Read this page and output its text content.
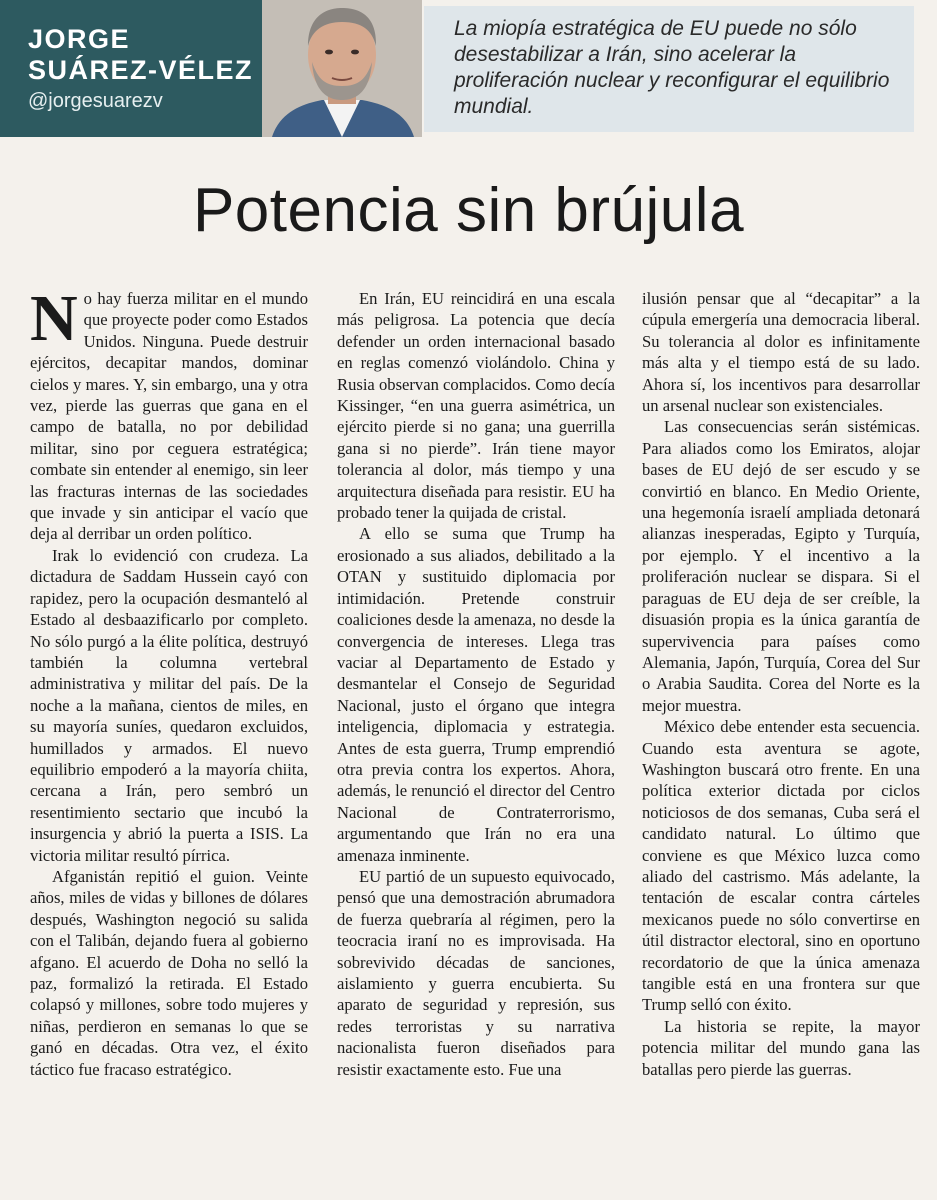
JORGE
SUÁREZ-VÉLEZ
@jorgesuarezv
La miopía estratégica de EU puede no sólo desestabilizar a Irán, sino acelerar la proliferación nuclear y reconfigurar el equilibrio mundial.
Potencia sin brújula

No hay fuerza militar en el mundo que proyecte poder como Estados Unidos. Ninguna. Puede destruir ejércitos, decapitar mandos, dominar cielos y mares. Y, sin embargo, una y otra vez, pierde las guerras que gana en el campo de batalla, no por debilidad militar, sino por ceguera estratégica; combate sin entender al enemigo, sin leer las fracturas internas de las sociedades que invade y sin anticipar el vacío que deja al derribar un orden político.

Irak lo evidenció con crudeza. La dictadura de Saddam Hussein cayó con rapidez, pero la ocupación desmanteló al Estado al desbaazificarlo por completo. No sólo purgó a la élite política, destruyó también la columna vertebral administrativa y militar del país. De la noche a la mañana, cientos de miles, en su mayoría suníes, quedaron excluidos, humillados y armados. El nuevo equilibrio empoderó a la mayoría chiita, cercana a Irán, pero sembró un resentimiento sectario que incubó la insurgencia y abrió la puerta a ISIS. La victoria militar resultó pírrica.

Afganistán repitió el guion. Veinte años, miles de vidas y billones de dólares después, Washington negoció su salida con el Talibán, dejando fuera al gobierno afgano. El acuerdo de Doha no selló la paz, formalizó la retirada. El Estado colapsó y millones, sobre todo mujeres y niñas, perdieron en semanas lo que se ganó en décadas. Otra vez, el éxito táctico fue fracaso estratégico.

En Irán, EU reincidirá en una escala más peligrosa. La potencia que decía defender un orden internacional basado en reglas comenzó violándolo. China y Rusia observan complacidos. Como decía Kissinger, “en una guerra asimétrica, un ejército pierde si no gana; una guerrilla gana si no pierde”. Irán tiene mayor tolerancia al dolor, más tiempo y una arquitectura diseñada para resistir. EU ha probado tener la quijada de cristal.

A ello se suma que Trump ha erosionado a sus aliados, debilitado a la OTAN y sustituido diplomacia por intimidación. Pretende construir coaliciones desde la amenaza, no desde la convergencia de intereses. Llega tras vaciar al Departamento de Estado y desmantelar el Consejo de Seguridad Nacional, justo el órgano que integra inteligencia, diplomacia y estrategia. Antes de esta guerra, Trump emprendió otra previa contra los expertos. Ahora, además, le renunció el director del Centro Nacional de Contraterrorismo, argumentando que Irán no era una amenaza inminente.

EU partió de un supuesto equivocado, pensó que una demostración abrumadora de fuerza quebraría al régimen, pero la teocracia iraní no es improvisada. Ha sobrevivido décadas de sanciones, aislamiento y guerra encubierta. Su aparato de seguridad y represión, sus redes terroristas y su narrativa nacionalista fueron diseñados para resistir exactamente esto. Fue una

ilusión pensar que al “decapitar” a la cúpula emergería una democracia liberal. Su tolerancia al dolor es infinitamente más alta y el tiempo está de su lado. Ahora sí, los incentivos para desarrollar un arsenal nuclear son existenciales.

Las consecuencias serán sistémicas. Para aliados como los Emiratos, alojar bases de EU dejó de ser escudo y se convirtió en blanco. En Medio Oriente, una hegemonía israelí ampliada detonará alianzas inesperadas, Egipto y Turquía, por ejemplo. Y el incentivo a la proliferación nuclear se dispara. Si el paraguas de EU deja de ser creíble, la disuasión propia es la única garantía de supervivencia para países como Alemania, Japón, Turquía, Corea del Sur o Arabia Saudita. Corea del Norte es la mejor muestra.

México debe entender esta secuencia. Cuando esta aventura se agote, Washington buscará otro frente. En una política exterior dictada por ciclos noticiosos de dos semanas, Cuba será el candidato natural. Lo último que conviene es que México luzca como aliado del castrismo. Más adelante, la tentación de escalar contra cárteles mexicanos puede no sólo convertirse en útil distractor electoral, sino en oportuno recordatorio de que la única amenaza tangible está en una frontera sur que Trump selló con éxito.

La historia se repite, la mayor potencia militar del mundo gana las batallas pero pierde las guerras.
